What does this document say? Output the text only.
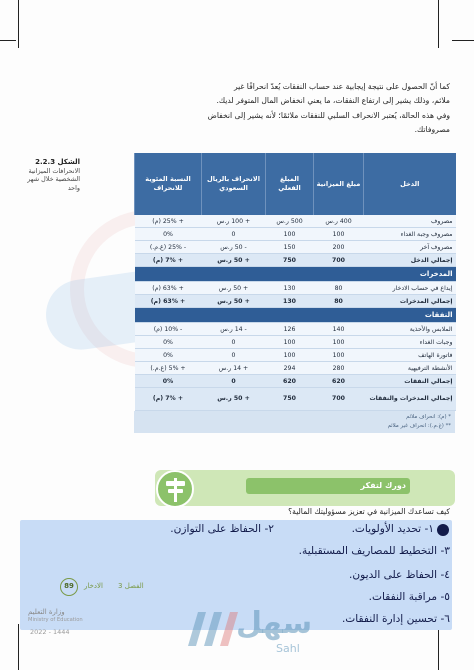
كما أنّ الحصول على نتيجة إيجابية عند حساب النفقات يُعدّ انحرافًا غير

ملائم، وذلك يشير إلى ارتفاع النفقات، ما يعني انخفاض المال المتوفر لديك.

وفي هذه الحالة، يُعتبر الانحراف السلبي للنفقات ملائمًا؛ لأنه يشير إلى انخفاض

مصروفاتك.

الشكل 2.2.3
الانحرافات الميزانية الشخصية خلال شهر واحد	الدخل	مبلغ الميزانية	المبلغ الفعلي	الانحراف بالريال السعودي	النسبة المئوية للانحراف
مصروف	400 ر.س	500 ر.س	+ 100 ر.س	+ 25% (م)
مصروف وجبة الغداء	100	100	0	0%
مصروف آخر	200	150	- 50 ر.س	- 25% (غ.م.)
إجمالي الدخل	700	750	+ 50 ر.س	+ 7% (م)
المدخرات				
إيداع في حساب الادخار	80	130	+ 50 ر.س	+ 63% (م)
إجمالي المدخرات	80	130	+ 50 ر.س	+ 63% (م)
النفقات				
الملابس والأحذية	140	126	- 14 ر.س	- 10% (م)
وجبات الغداء	100	100	0	0%
فاتورة الهاتف	100	100	0	0%
الأنشطة الترفيهية	280	294	+ 14 ر.س	+ 5% (غ.م.)
إجمالي النفقات	620	620	0	0%
إجمالي المدخرات والنفقات	700	750	+ 50 ر.س	+ 7% (م)
* (م): انحراف ملائم
** (غ.م.): انحراف غير ملائم
دورك لتفكر
كيف تساعدك الميزانية في تعزيز مسؤوليتك المالية؟
١- تحديد الأولويات.
٢- الحفاظ على التوازن.
٣- التخطيط للمصاريف المستقبلية.
٤- الحفاظ على الديون.
٥- مراقبة النفقات.
٦- تحسين إدارة النفقات.
89	الفصل 3
الادخار
وزارة التعليم
Ministry of Education
2022 - 1444	سهل
Sahl
